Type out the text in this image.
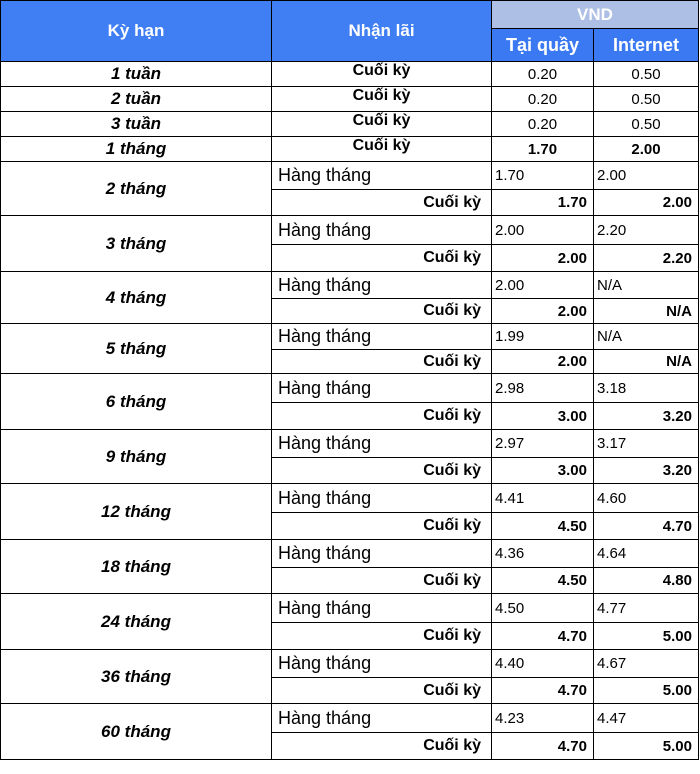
Kỳ hạn	Nhận lãi	VND	
		Tại quầy	Internet
1 tuần	Cuối kỳ	0.20	0.50
2 tuần	Cuối kỳ	0.20	0.50
3 tuần	Cuối kỳ	0.20	0.50
1 tháng	Cuối kỳ	1.70	2.00
2 tháng	Hàng tháng	1.70	2.00
	Cuối kỳ	1.70	2.00
3 tháng	Hàng tháng	2.00	2.20
	Cuối kỳ	2.00	2.20
4 tháng	Hàng tháng	2.00	N/A
	Cuối kỳ	2.00	N/A
5 tháng	Hàng tháng	1.99	N/A
	Cuối kỳ	2.00	N/A
6 tháng	Hàng tháng	2.98	3.18
	Cuối kỳ	3.00	3.20
9 tháng	Hàng tháng	2.97	3.17
	Cuối kỳ	3.00	3.20
12 tháng	Hàng tháng	4.41	4.60
	Cuối kỳ	4.50	4.70
18 tháng	Hàng tháng	4.36	4.64
	Cuối kỳ	4.50	4.80
24 tháng	Hàng tháng	4.50	4.77
	Cuối kỳ	4.70	5.00
36 tháng	Hàng tháng	4.40	4.67
	Cuối kỳ	4.70	5.00
60 tháng	Hàng tháng	4.23	4.47
	Cuối kỳ	4.70	5.00
